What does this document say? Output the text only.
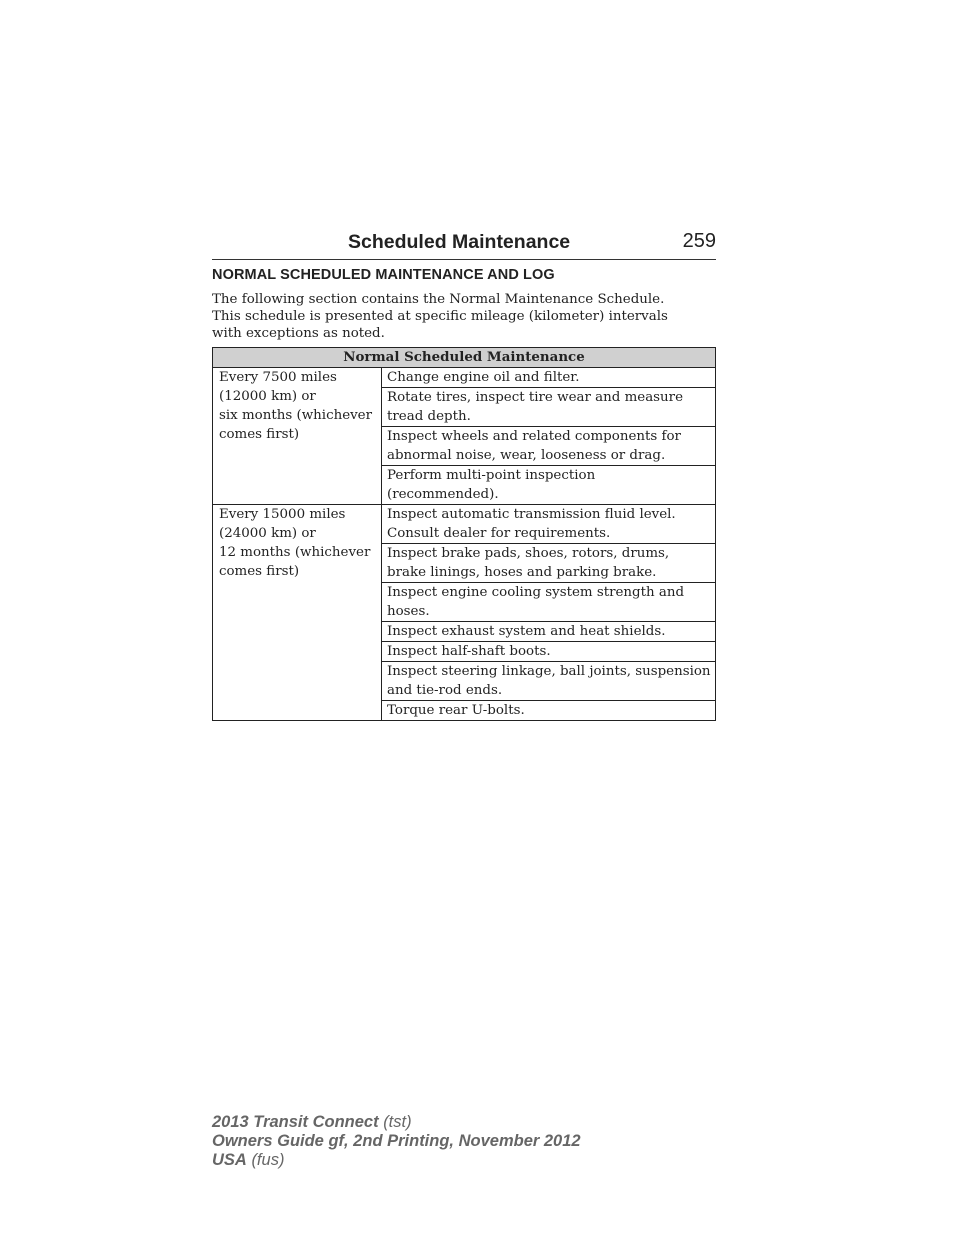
Scheduled Maintenance	259
NORMAL SCHEDULED MAINTENANCE AND LOG

The following section contains the Normal Maintenance Schedule.

This schedule is presented at specific mileage (kilometer) intervals

with exceptions as noted.

Normal Scheduled Maintenance	

Every 7500 miles
(12000 km) or
six months (whichever
comes first)	Change engine oil and filter.

	Rotate tires, inspect tire wear and measure
tread depth.

	Inspect wheels and related components for
abnormal noise, wear, looseness or drag.

	Perform multi-point inspection
(recommended).

Every 15000 miles
(24000 km) or
12 months (whichever
comes first)	Inspect automatic transmission fluid level.
Consult dealer for requirements.

	Inspect brake pads, shoes, rotors, drums,
brake linings, hoses and parking brake.

	Inspect engine cooling system strength and
hoses.

	Inspect exhaust system and heat shields.

	Inspect half-shaft boots.

	Inspect steering linkage, ball joints, suspension
and tie-rod ends.

	Torque rear U-bolts.
2013 Transit Connect (tst)
Owners Guide gf, 2nd Printing, November 2012
USA (fus)
